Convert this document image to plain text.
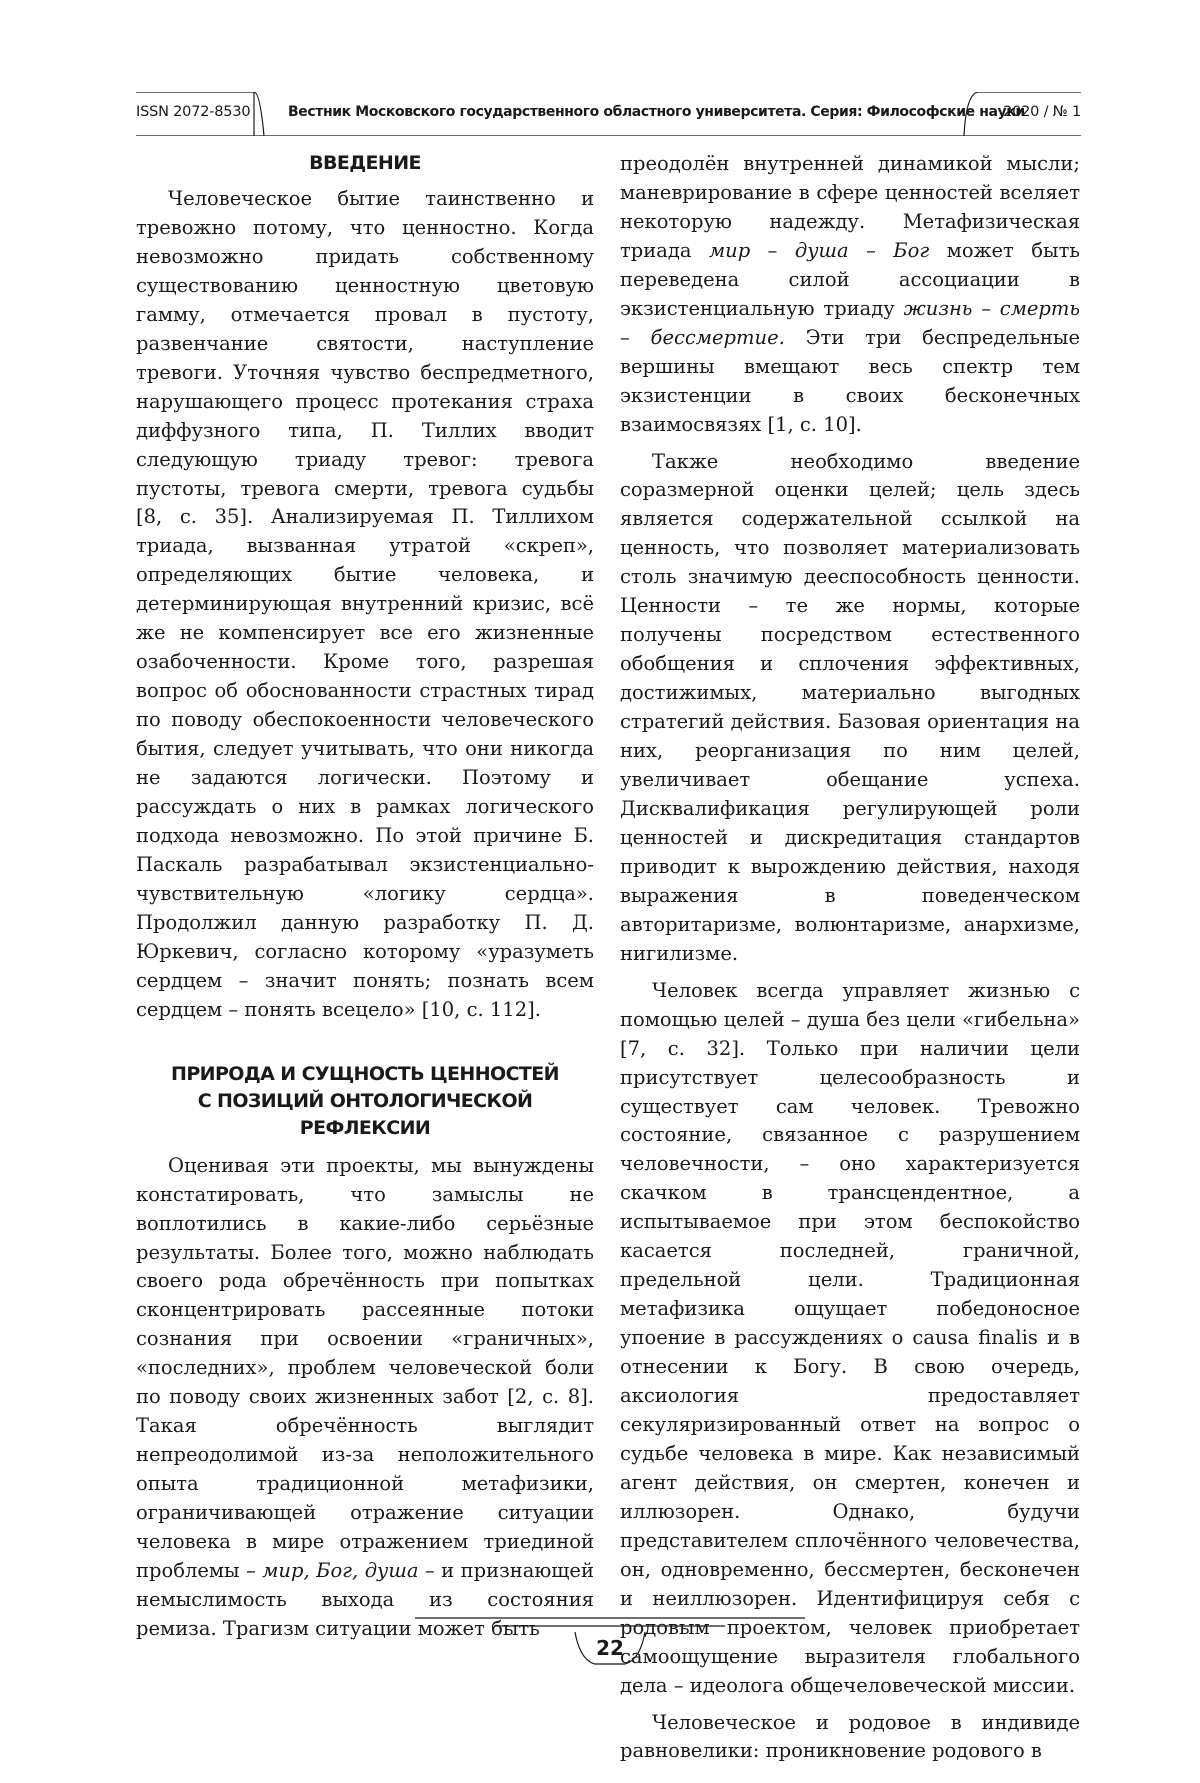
ISSN 2072-8530	Вестник Московского государственного областного университета. Серия: Философские науки
2020 / № 1
ВВЕДЕНИЕ

Человеческое бытие таинственно и тревожно потому, что ценностно. Когда невозможно придать собственному существованию ценностную цветовую гамму, отмечается провал в пустоту, развенчание святости, наступление тревоги. Уточняя чувство беспредметного, нарушающего процесс протекания страха диффузного типа, П. Тиллих вводит следующую триаду тревог: тревога пустоты, тревога смерти, тревога судьбы [8, с. 35]. Анализируемая П. Тиллихом триада, вызванная утратой «скреп», определяющих бытие человека, и детерминирующая внутренний кризис, всё же не компенсирует все его жизненные озабоченности. Кроме того, разрешая вопрос об обоснованности страстных тирад по поводу обеспокоенности человеческого бытия, следует учитывать, что они никогда не задаются логически. Поэтому и рассуждать о них в рамках логического подхода невозможно. По этой причине Б. Паскаль разрабатывал экзистенциально-чувствительную «логику сердца». Продолжил данную разработку П. Д. Юркевич, согласно которому «уразуметь сердцем – значит понять; познать всем сердцем – понять всецело» [10, с. 112].

ПРИРОДА И СУЩНОСТЬ ЦЕННОСТЕЙ
С ПОЗИЦИЙ ОНТОЛОГИЧЕСКОЙ РЕФЛЕКСИИ

Оценивая эти проекты, мы вынуждены констатировать, что замыслы не воплотились в какие-либо серьёзные результаты. Более того, можно наблюдать своего рода обречённость при попытках сконцентрировать рассеянные потоки сознания при освоении «граничных», «последних», проблем человеческой боли по поводу своих жизненных забот [2, с. 8]. Такая обречённость выглядит непреодолимой из-за неположительного опыта традиционной метафизики, ограничивающей отражение ситуации человека в мире отражением триединой проблемы – мир, Бог, душа – и признающей немыслимость выхода из состояния ремиза. Трагизм ситуации может быть

преодолён внутренней динамикой мысли; маневрирование в сфере ценностей вселяет некоторую надежду. Метафизическая триада мир – душа – Бог может быть переведена силой ассоциации в экзистенциальную триаду жизнь – смерть – бессмертие. Эти три беспредельные вершины вмещают весь спектр тем экзистенции в своих бесконечных взаимосвязях [1, с. 10].

Также необходимо введение соразмерной оценки целей; цель здесь является содержательной ссылкой на ценность, что позволяет материализовать столь значимую дееспособность ценности. Ценности – те же нормы, которые получены посредством естественного обобщения и сплочения эффективных, достижимых, материально выгодных стратегий действия. Базовая ориентация на них, реорганизация по ним целей, увеличивает обещание успеха. Дисквалификация регулирующей роли ценностей и дискредитация стандартов приводит к вырождению действия, находя выражения в поведенческом авторитаризме, волюнтаризме, анархизме, нигилизме.

Человек всегда управляет жизнью с помощью целей – душа без цели «гибельна» [7, с. 32]. Только при наличии цели присутствует целесообразность и существует сам человек. Тревожно состояние, связанное с разрушением человечности, – оно характеризуется скачком в трансцендентное, а испытываемое при этом беспокойство касается последней, граничной, предельной цели. Традиционная метафизика ощущает победоносное упоение в рассуждениях о causa finalis и в отнесении к Богу. В свою очередь, аксиология предоставляет секуляризированный ответ на вопрос о судьбе человека в мире. Как независимый агент действия, он смертен, конечен и иллюзорен. Однако, будучи представителем сплочённого человечества, он, одновременно, бессмертен, бесконечен и неиллюзорен. Идентифицируя себя с родовым проектом, человек приобретает самоощущение выразителя глобального дела – идеолога общечеловеческой миссии.

Человеческое и родовое в индивиде равновелики: проникновение родового в

22
